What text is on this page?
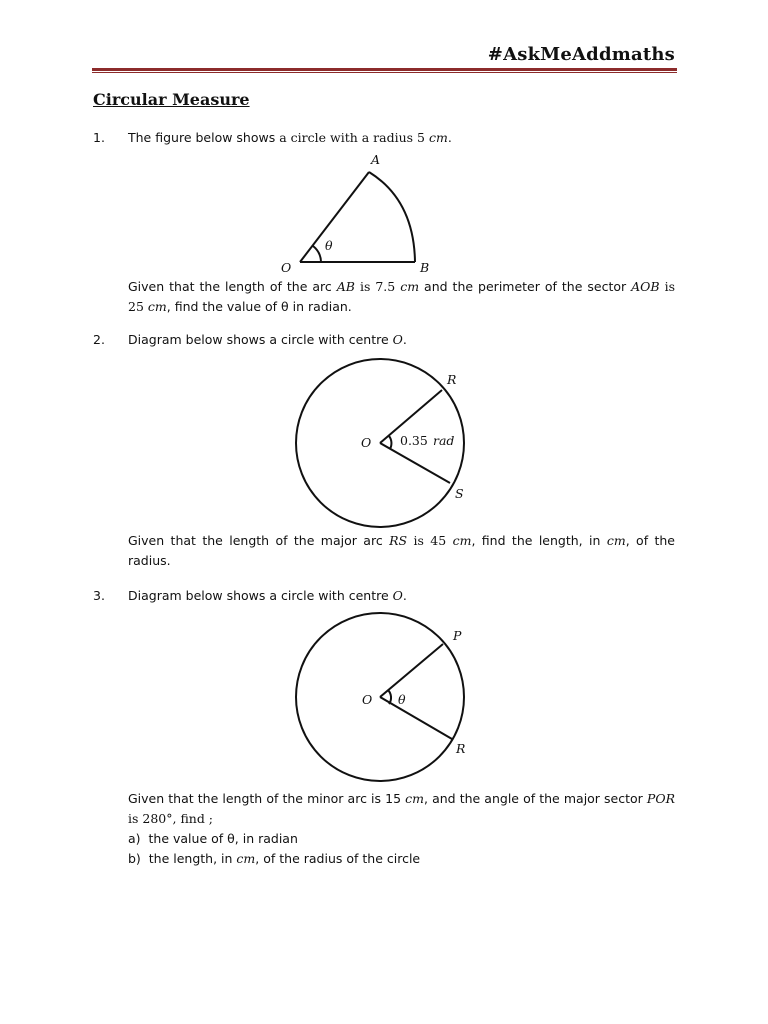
#AskMeAddmaths
Circular Measure
1. The figure below shows a circle with a radius 5 cm.
Given that the length of the arc AB is 7.5 cm and the perimeter of the sector AOB is 25 cm, find the value of θ in radian.
2. Diagram below shows a circle with centre O.
Given that the length of the major arc RS is 45 cm, find the length, in cm, of the radius.
3. Diagram below shows a circle with centre O.
Given that the length of the minor arc is 15 cm, and the angle of the major sector POR is 280°, find ;
a) the value of θ, in radian
b) the length, in cm, of the radius of the circle
A
O	B
θ
R
O
S
0.35 rad
P
O θ
R
